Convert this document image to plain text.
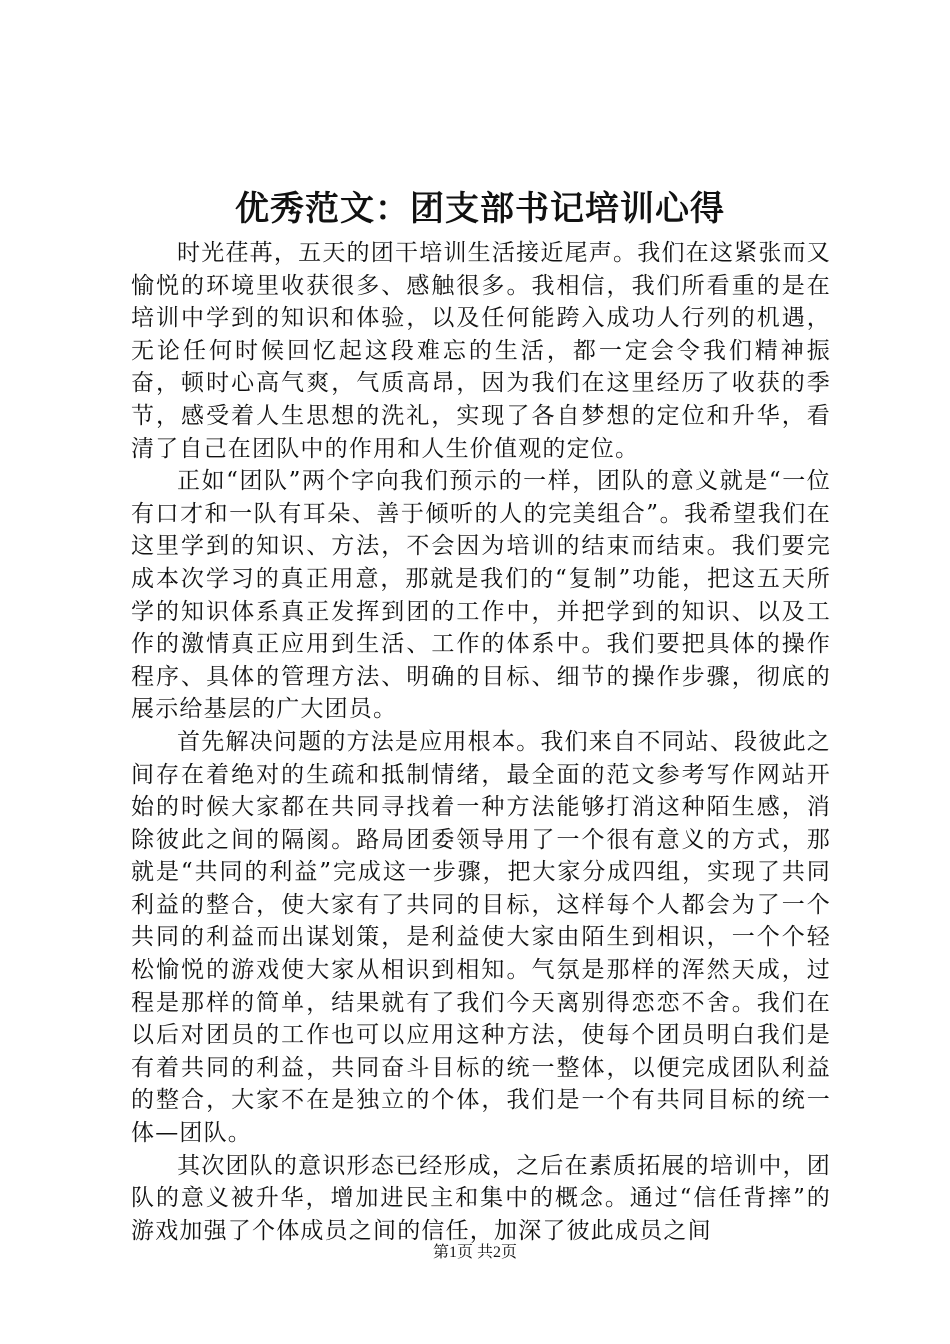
优秀范文：团支部书记培训心得

时光荏苒，五天的团干培训生活接近尾声。我们在这紧张而又愉悦的环境里收获很多、感触很多。我相信，我们所看重的是在培训中学到的知识和体验，以及任何能跨入成功人行列的机遇，无论任何时候回忆起这段难忘的生活，都一定会令我们精神振奋，顿时心高气爽，气质高昂，因为我们在这里经历了收获的季节，感受着人生思想的洗礼，实现了各自梦想的定位和升华，看清了自己在团队中的作用和人生价值观的定位。

正如“团队”两个字向我们预示的一样，团队的意义就是“一位有口才和一队有耳朵、善于倾听的人的完美组合”。我希望我们在这里学到的知识、方法，不会因为培训的结束而结束。我们要完成本次学习的真正用意，那就是我们的“复制”功能，把这五天所学的知识体系真正发挥到团的工作中，并把学到的知识、以及工作的激情真正应用到生活、工作的体系中。我们要把具体的操作程序、具体的管理方法、明确的目标、细节的操作步骤，彻底的展示给基层的广大团员。

首先解决问题的方法是应用根本。我们来自不同站、段彼此之间存在着绝对的生疏和抵制情绪，最全面的范文参考写作网站开始的时候大家都在共同寻找着一种方法能够打消这种陌生感，消除彼此之间的隔阂。路局团委领导用了一个很有意义的方式，那就是“共同的利益”完成这一步骤，把大家分成四组，实现了共同利益的整合，使大家有了共同的目标，这样每个人都会为了一个共同的利益而出谋划策，是利益使大家由陌生到相识，一个个轻松愉悦的游戏使大家从相识到相知。气氛是那样的浑然天成，过程是那样的简单，结果就有了我们今天离别得恋恋不舍。我们在以后对团员的工作也可以应用这种方法，使每个团员明白我们是有着共同的利益，共同奋斗目标的统一整体，以便完成团队利益的整合，大家不在是独立的个体，我们是一个有共同目标的统一体—团队。

其次团队的意识形态已经形成，之后在素质拓展的培训中，团队的意义被升华，增加进民主和集中的概念。通过“信任背摔”的游戏加强了个体成员之间的信任，加深了彼此成员之间

第1页 共2页
